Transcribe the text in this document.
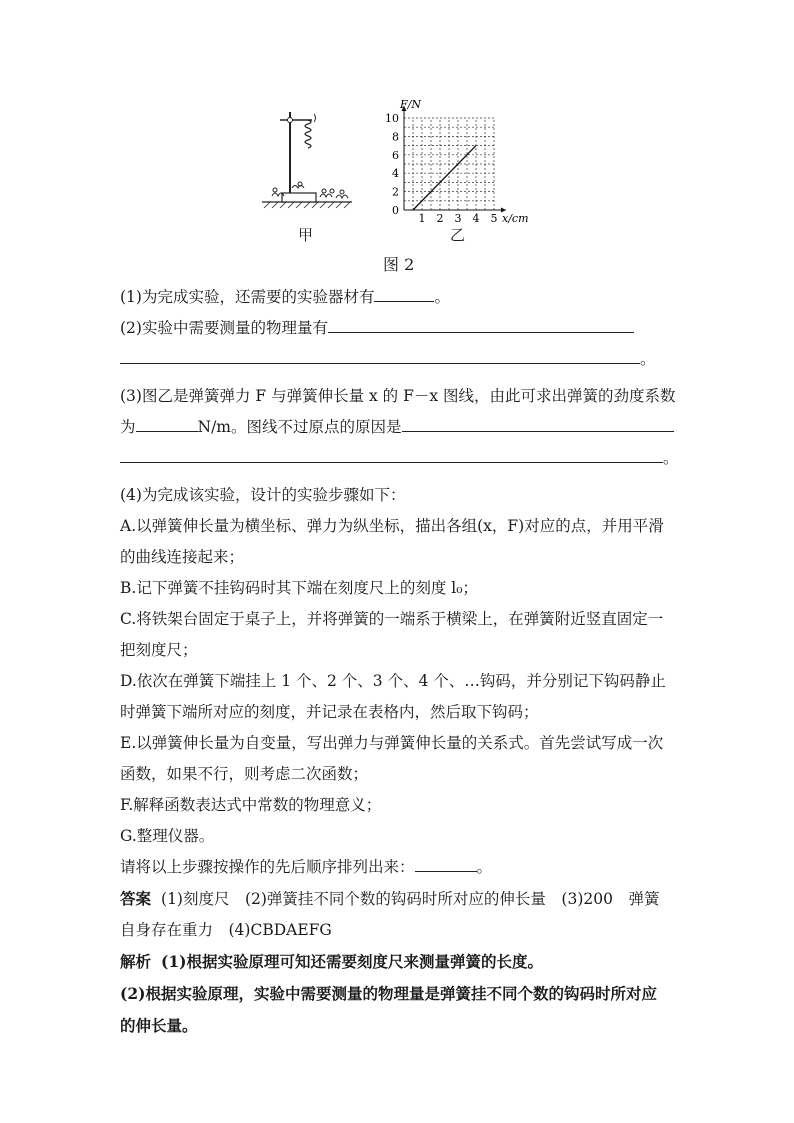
甲
1 2 3 4 5
0
2
4
6
8
10
F/N
x/cm
乙
图 2
(1)为完成实验，还需要的实验器材有	。
(2)实验中需要测量的物理量有
。
(3)图乙是弹簧弹力 F 与弹簧伸长量 x 的 F－x 图线，由此可求出弹簧的劲度系数
为	N/m。图线不过原点的原因是
。
(4)为完成该实验，设计的实验步骤如下：
A.以弹簧伸长量为横坐标、弹力为纵坐标，描出各组(x，F)对应的点，并用平滑
的曲线连接起来；
B.记下弹簧不挂钩码时其下端在刻度尺上的刻度 l₀；
C.将铁架台固定于桌子上，并将弹簧的一端系于横梁上，在弹簧附近竖直固定一
把刻度尺；
D.依次在弹簧下端挂上 1 个、2 个、3 个、4 个、…钩码，并分别记下钩码静止
时弹簧下端所对应的刻度，并记录在表格内，然后取下钩码；
E.以弹簧伸长量为自变量，写出弹力与弹簧伸长量的关系式。首先尝试写成一次
函数，如果不行，则考虑二次函数；
F.解释函数表达式中常数的物理意义；
G.整理仪器。
请将以上步骤按操作的先后顺序排列出来：	。
答案 (1)刻度尺　(2)弹簧挂不同个数的钩码时所对应的伸长量　(3)200　弹簧
自身存在重力　(4)CBDAEFG
解析 (1)根据实验原理可知还需要刻度尺来测量弹簧的长度。
(2)根据实验原理，实验中需要测量的物理量是弹簧挂不同个数的钩码时所对应
的伸长量。
